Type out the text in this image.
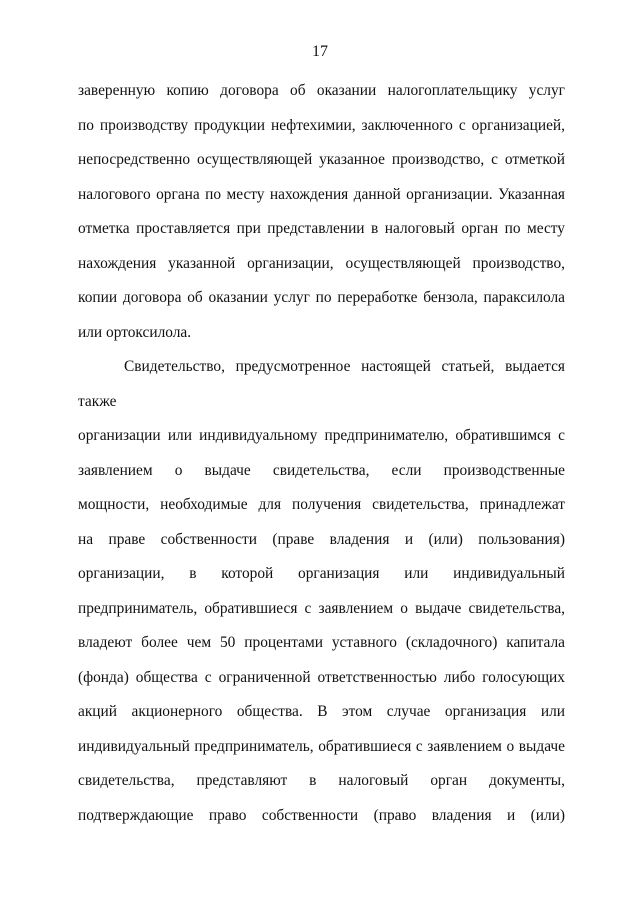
17
заверенную копию договора об оказании налогоплательщику услуг
по производству продукции нефтехимии, заключенного с организацией,
непосредственно осуществляющей указанное производство, с отметкой
налогового органа по месту нахождения данной организации. Указанная
отметка проставляется при представлении в налоговый орган по месту
нахождения указанной организации, осуществляющей производство,
копии договора об оказании услуг по переработке бензола, параксилола
или ортоксилола.
Свидетельство, предусмотренное настоящей статьей, выдается также
организации или индивидуальному предпринимателю, обратившимся с
заявлением о выдаче свидетельства, если производственные
мощности, необходимые для получения свидетельства, принадлежат
на праве собственности (праве владения и (или) пользования)
организации, в которой организация или индивидуальный
предприниматель, обратившиеся с заявлением о выдаче свидетельства,
владеют более чем 50 процентами уставного (складочного) капитала
(фонда) общества с ограниченной ответственностью либо голосующих
акций акционерного общества. В этом случае организация или
индивидуальный предприниматель, обратившиеся с заявлением о выдаче
свидетельства, представляют в налоговый орган документы,
подтверждающие право собственности (право владения и (или)
